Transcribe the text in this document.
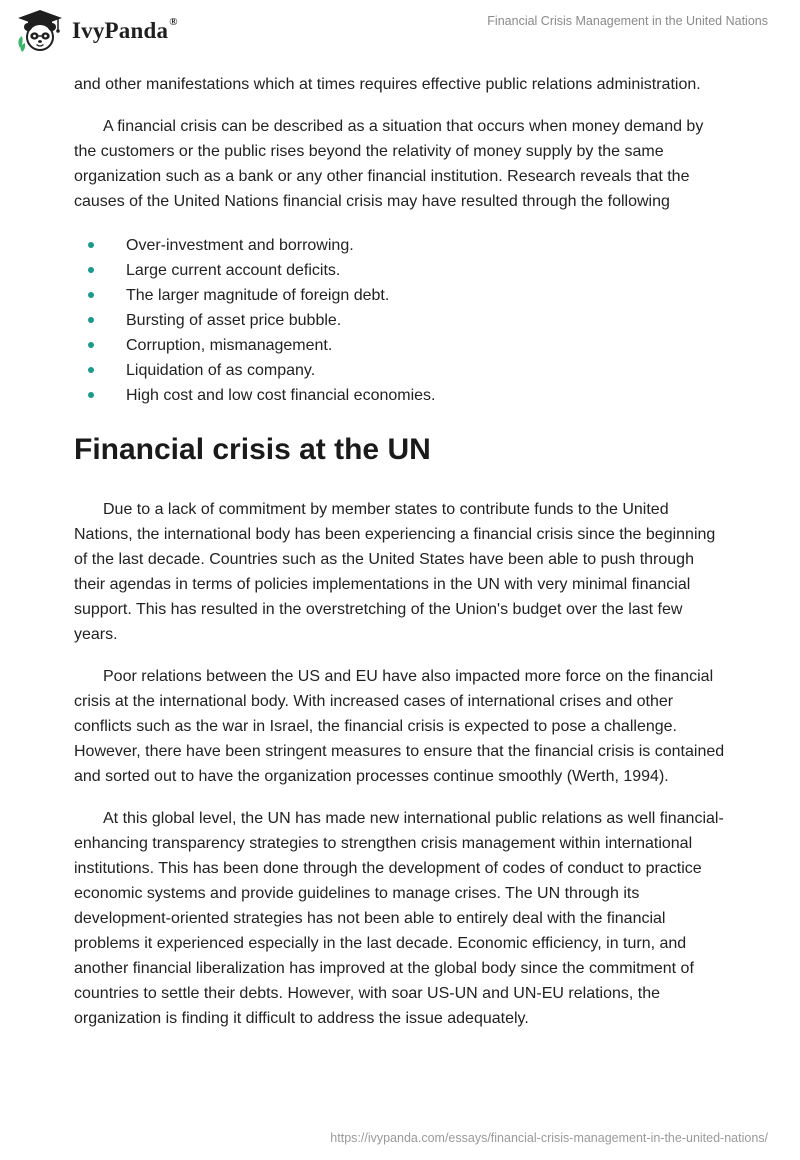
IvyPanda®	Financial Crisis Management in the United Nations

and other manifestations which at times requires effective public relations administration.

A financial crisis can be described as a situation that occurs when money demand by the customers or the public rises beyond the relativity of money supply by the same organization such as a bank or any other financial institution. Research reveals that the causes of the United Nations financial crisis may have resulted through the following

Over-investment and borrowing.
Large current account deficits.
The larger magnitude of foreign debt.
Bursting of asset price bubble.
Corruption, mismanagement.
Liquidation of as company.
High cost and low cost financial economies.
Financial crisis at the UN

Due to a lack of commitment by member states to contribute funds to the United Nations, the international body has been experiencing a financial crisis since the beginning of the last decade. Countries such as the United States have been able to push through their agendas in terms of policies implementations in the UN with very minimal financial support. This has resulted in the overstretching of the Union's budget over the last few years.

Poor relations between the US and EU have also impacted more force on the financial crisis at the international body. With increased cases of international crises and other conflicts such as the war in Israel, the financial crisis is expected to pose a challenge. However, there have been stringent measures to ensure that the financial crisis is contained and sorted out to have the organization processes continue smoothly (Werth, 1994).

At this global level, the UN has made new international public relations as well financial-enhancing transparency strategies to strengthen crisis management within international institutions. This has been done through the development of codes of conduct to practice economic systems and provide guidelines to manage crises. The UN through its development-oriented strategies has not been able to entirely deal with the financial problems it experienced especially in the last decade. Economic efficiency, in turn, and another financial liberalization has improved at the global body since the commitment of countries to settle their debts. However, with soar US-UN and UN-EU relations, the organization is finding it difficult to address the issue adequately.

https://ivypanda.com/essays/financial-crisis-management-in-the-united-nations/
